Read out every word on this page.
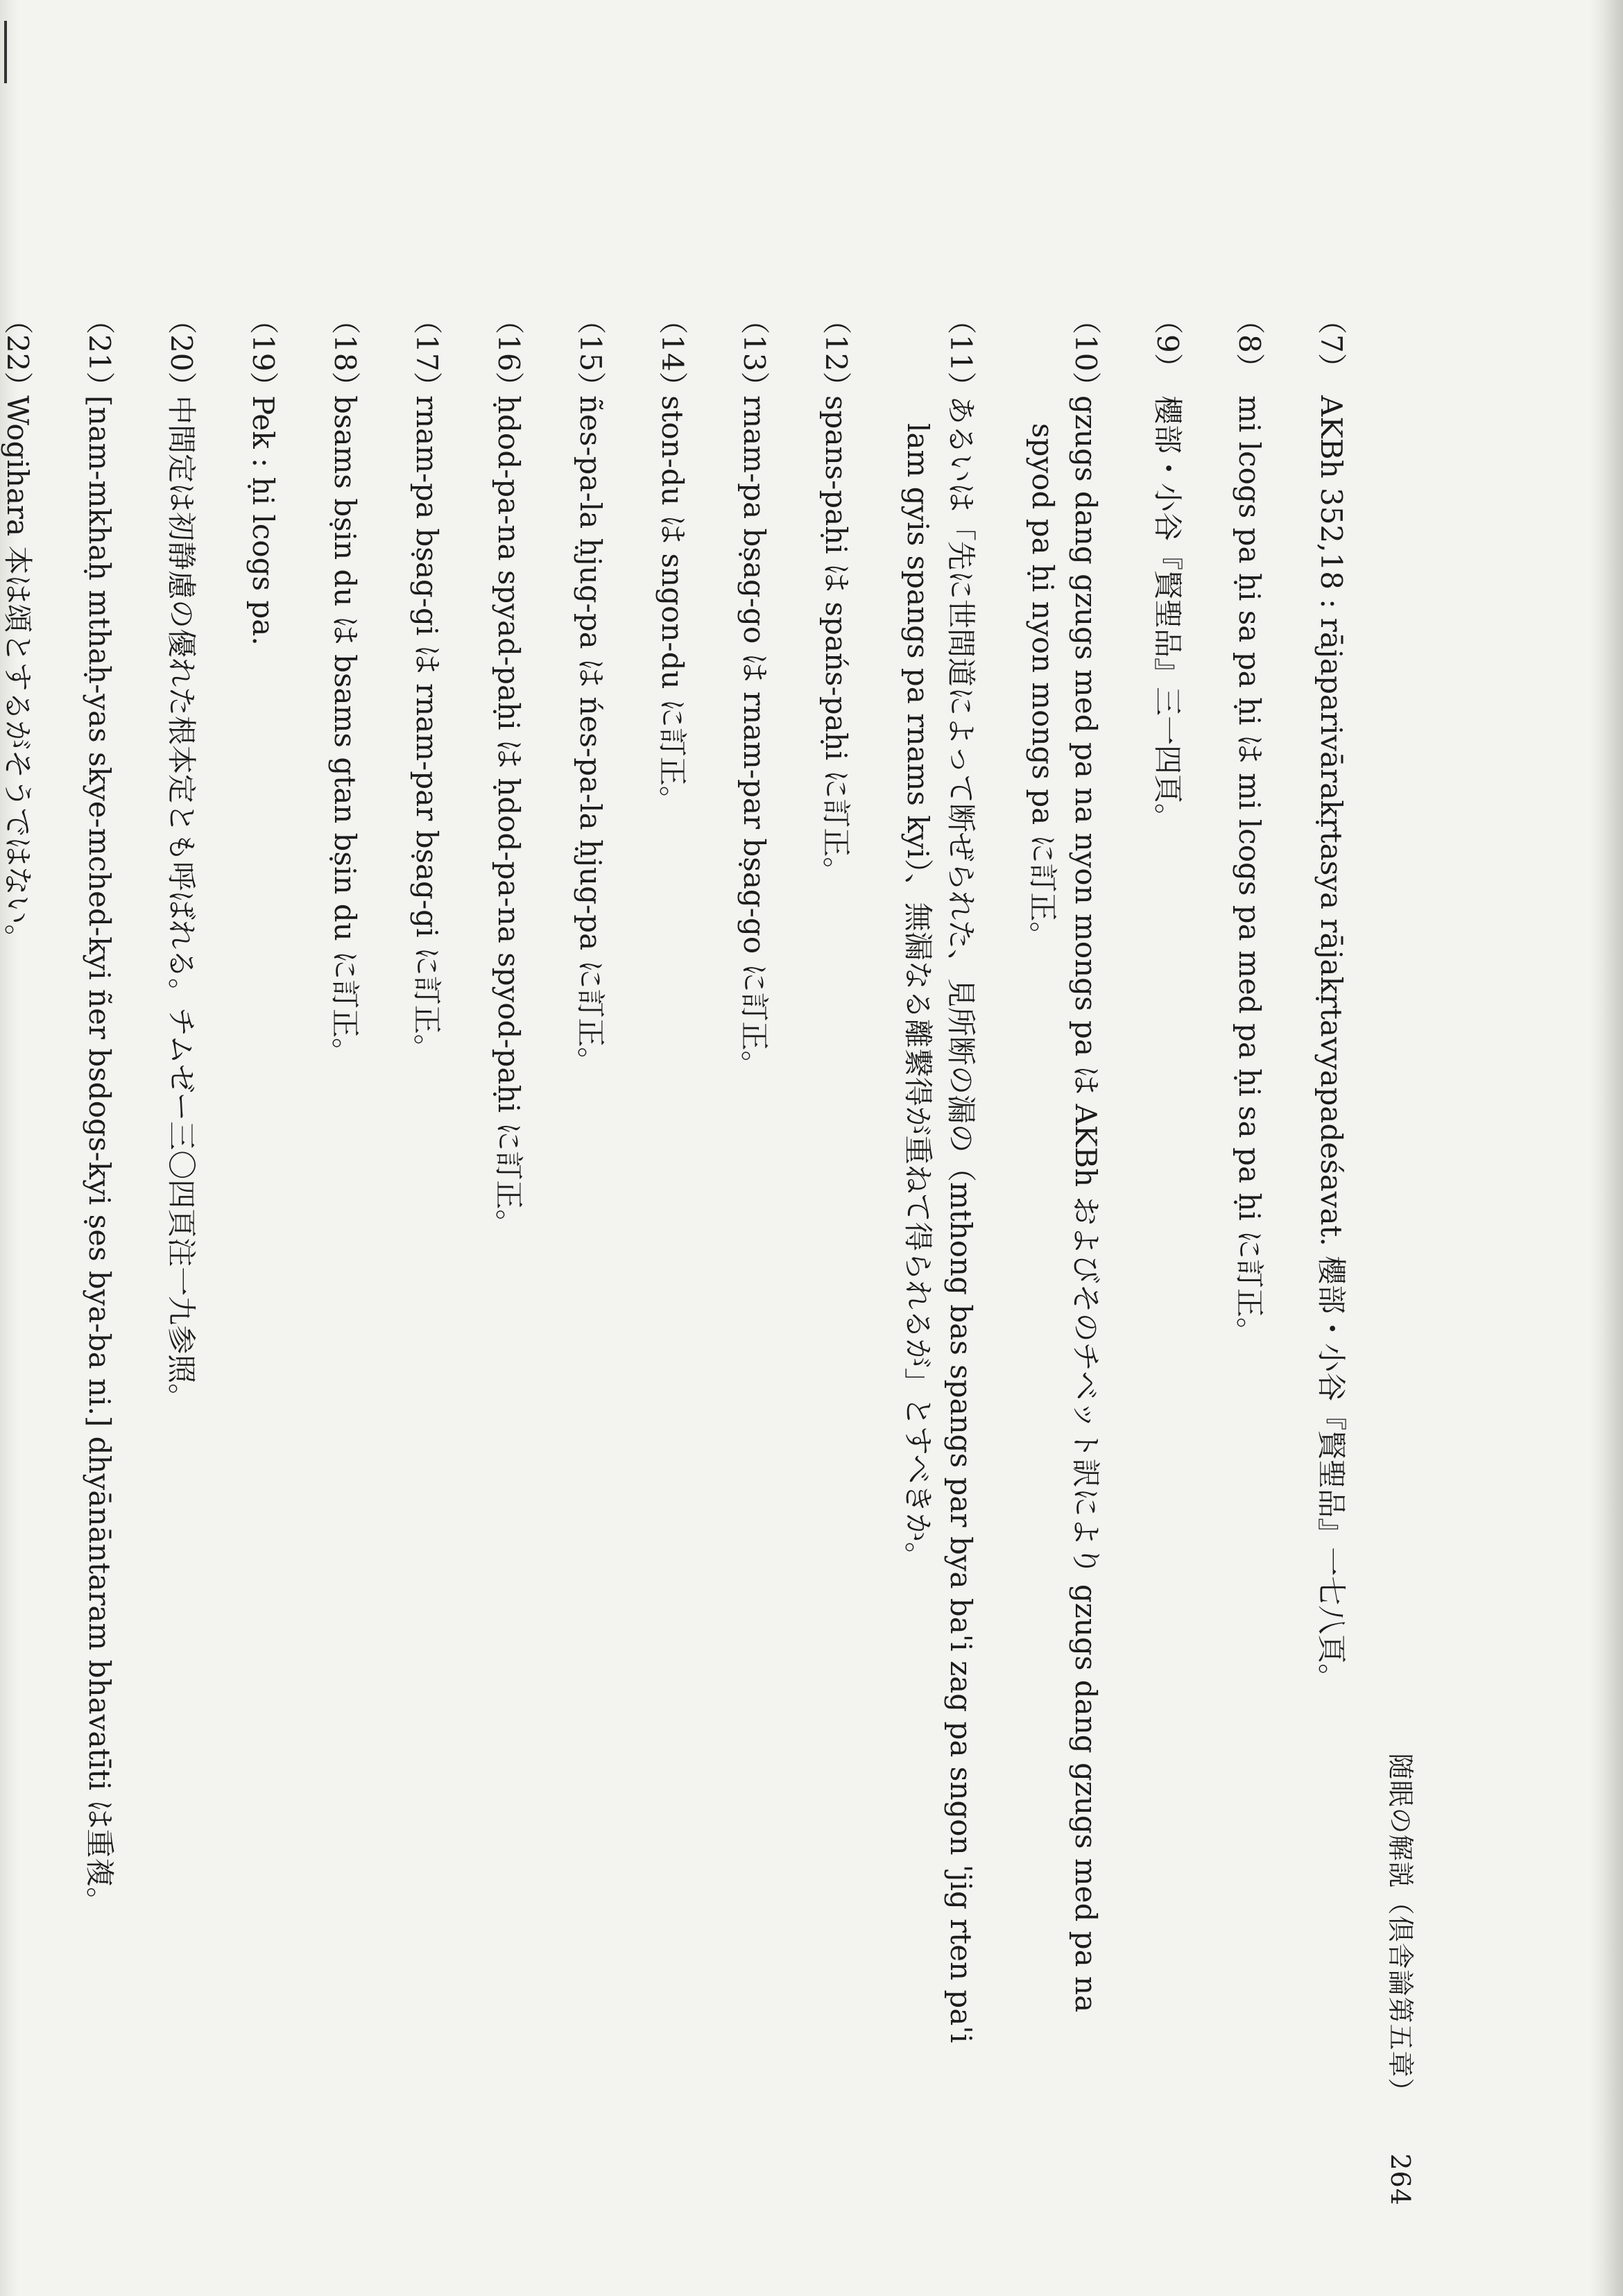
随眠の解説（倶舎論第五章）
264
（7）
AKBh 352,18 : rājaparivārakṛtasya rājakṛtavyapadeśavat. 櫻部・小谷『賢聖品』一七八頁。
（8）
mi lcogs pa ḥi sa pa ḥi は mi lcogs pa med pa ḥi sa pa ḥi に訂正。
（9）
櫻部・小谷『賢聖品』三一四頁。
（10）
gzugs dang gzugs med pa na nyon mongs pa は AKBh およびそのチベット訳により gzugs dang gzugs med pa na
spyod pa ḥi nyon mongs pa に訂正。
（11）
あるいは「先に世間道によって断ぜられた、見所断の漏の（mthong bas spangs par bya ba'i zag pa sngon 'jig rten pa'i
lam gyis spangs pa rnams kyi）、無漏なる離繋得が重ねて得られるが」とすべきか。
（12）
spans-paḥi は spańs-paḥi に訂正。
（13）
rnam-pa bṣag-go は rnam-par bṣag-go に訂正。
（14）
ston-du は sngon-du に訂正。
（15）
ñes-pa-la ḥjug-pa は ńes-pa-la ḥjug-pa に訂正。
（16）
ḥdod-pa-na spyad-paḥi は ḥdod-pa-na spyod-paḥi に訂正。
（17）
rnam-pa bṣag-gi は rnam-par bṣag-gi に訂正。
（18）
bsams bṣin du は bsams gtan bṣin du に訂正。
（19）
Pek : ḥi lcogs pa.
（20）
中間定は初静慮の優れた根本定とも呼ばれる。チムゼー三〇四頁注一九参照。
（21）
[nam-mkhaḥ mthaḥ-yas skye-mched-kyi ñer bsdogs-kyi ṣes bya-ba ni.] dhyānāntaram bhavatīti は重複。
（22）
Wogihara 本は頌とするがそうではない。
